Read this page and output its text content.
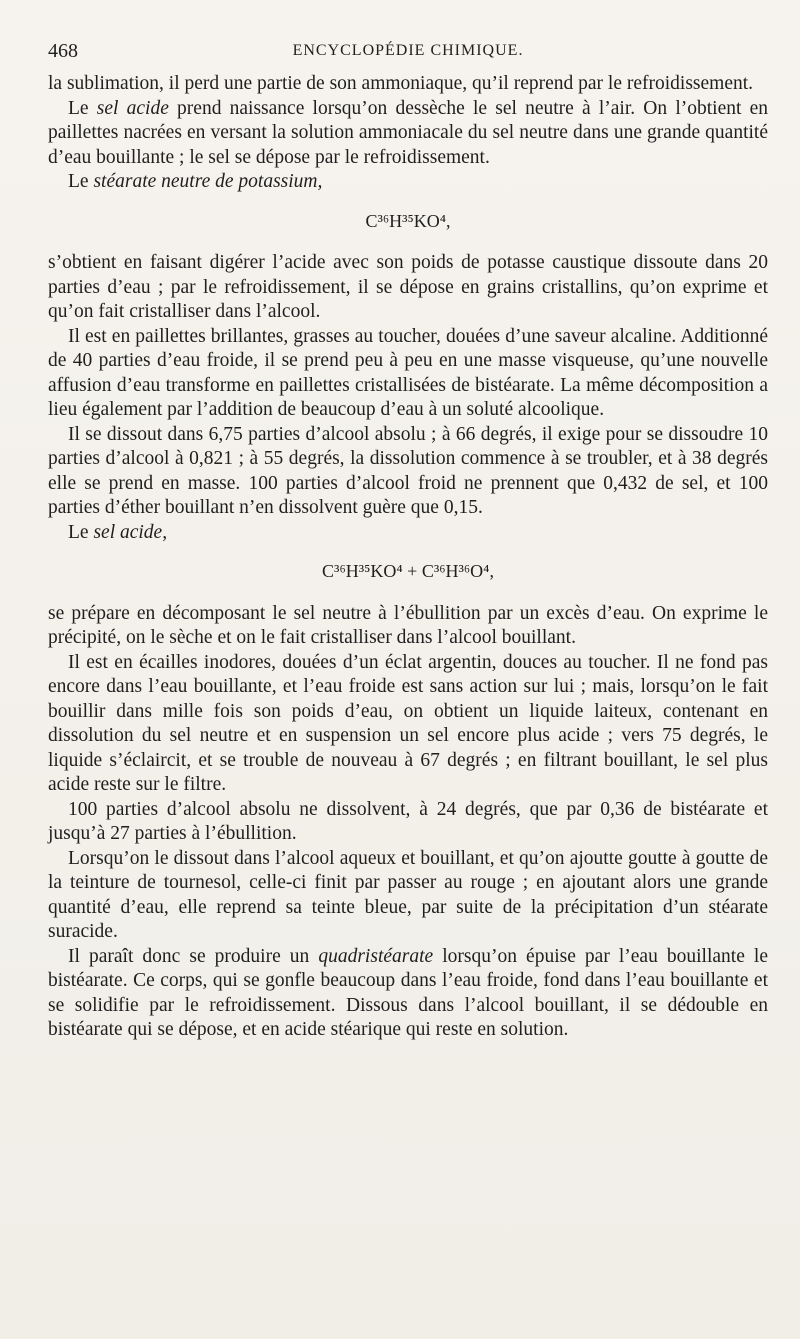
468	ENCYCLOPÉDIE CHIMIQUE.

la sublimation, il perd une partie de son ammoniaque, qu’il reprend par le refroidissement.

Le sel acide prend naissance lorsqu’on dessèche le sel neutre à l’air. On l’obtient en paillettes nacrées en versant la solution ammoniacale du sel neutre dans une grande quantité d’eau bouillante ; le sel se dépose par le refroidissement.

Le stéarate neutre de potassium,

C³⁶H³⁵KO⁴,

s’obtient en faisant digérer l’acide avec son poids de potasse caustique dissoute dans 20 parties d’eau ; par le refroidissement, il se dépose en grains cristallins, qu’on exprime et qu’on fait cristalliser dans l’alcool.

Il est en paillettes brillantes, grasses au toucher, douées d’une saveur alcaline. Additionné de 40 parties d’eau froide, il se prend peu à peu en une masse visqueuse, qu’une nouvelle affusion d’eau transforme en paillettes cristallisées de bistéarate. La même décomposition a lieu également par l’addition de beaucoup d’eau à un soluté alcoolique.

Il se dissout dans 6,75 parties d’alcool absolu ; à 66 degrés, il exige pour se dissoudre 10 parties d’alcool à 0,821 ; à 55 degrés, la dissolution commence à se troubler, et à 38 degrés elle se prend en masse. 100 parties d’alcool froid ne prennent que 0,432 de sel, et 100 parties d’éther bouillant n’en dissolvent guère que 0,15.

Le sel acide,

C³⁶H³⁵KO⁴ + C³⁶H³⁶O⁴,

se prépare en décomposant le sel neutre à l’ébullition par un excès d’eau. On exprime le précipité, on le sèche et on le fait cristalliser dans l’alcool bouillant.

Il est en écailles inodores, douées d’un éclat argentin, douces au toucher. Il ne fond pas encore dans l’eau bouillante, et l’eau froide est sans action sur lui ; mais, lorsqu’on le fait bouillir dans mille fois son poids d’eau, on obtient un liquide laiteux, contenant en dissolution du sel neutre et en suspension un sel encore plus acide ; vers 75 degrés, le liquide s’éclaircit, et se trouble de nouveau à 67 degrés ; en filtrant bouillant, le sel plus acide reste sur le filtre.

100 parties d’alcool absolu ne dissolvent, à 24 degrés, que par 0,36 de bistéarate et jusqu’à 27 parties à l’ébullition.

Lorsqu’on le dissout dans l’alcool aqueux et bouillant, et qu’on ajoutte goutte à goutte de la teinture de tournesol, celle-ci finit par passer au rouge ; en ajoutant alors une grande quantité d’eau, elle reprend sa teinte bleue, par suite de la précipitation d’un stéarate suracide.

Il paraît donc se produire un quadristéarate lorsqu’on épuise par l’eau bouillante le bistéarate. Ce corps, qui se gonfle beaucoup dans l’eau froide, fond dans l’eau bouillante et se solidifie par le refroidissement. Dissous dans l’alcool bouillant, il se dédouble en bistéarate qui se dépose, et en acide stéarique qui reste en solution.
